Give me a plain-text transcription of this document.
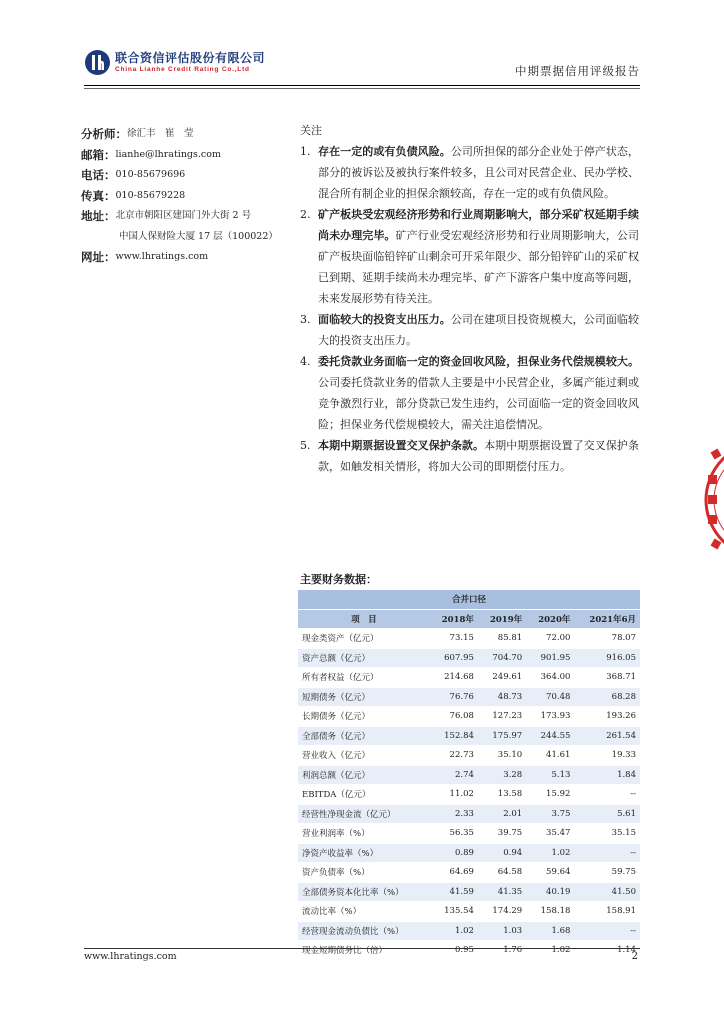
联合资信评估股份有限公司
China Lianhe Credit Rating Co.,Ltd	中期票据信用评级报告
分析师： 徐汇丰　崔　莹
邮箱： lianhe@lhratings.com
电话： 010-85679696
传真： 010-85679228
地址： 北京市朝阳区建国门外大街 2 号
中国人保财险大厦 17 层（100022）
网址： www.lhratings.com
关注
1. 存在一定的或有负债风险。公司所担保的部分企业处于停产状态，部分的被诉讼及被执行案件较多，且公司对民营企业、民办学校、混合所有制企业的担保余额较高，存在一定的或有负债风险。
2. 矿产板块受宏观经济形势和行业周期影响大，部分采矿权延期手续尚未办理完毕。矿产行业受宏观经济形势和行业周期影响大，公司矿产板块面临铅锌矿山剩余可开采年限少、部分铅锌矿山的采矿权已到期、延期手续尚未办理完毕、矿产下游客户集中度高等问题，未来发展形势有待关注。
3. 面临较大的投资支出压力。公司在建项目投资规模大，公司面临较大的投资支出压力。
4. 委托贷款业务面临一定的资金回收风险，担保业务代偿规模较大。公司委托贷款业务的借款人主要是中小民营企业，多属产能过剩或竞争激烈行业，部分贷款已发生违约，公司面临一定的资金回收风险；担保业务代偿规模较大，需关注追偿情况。
5. 本期中期票据设置交叉保护条款。本期中期票据设置了交叉保护条款，如触发相关情形，将加大公司的即期偿付压力。
主要财务数据：
合并口径				
项　目	2018年	2019年	2020年	2021年6月
现金类资产（亿元）	73.15	85.81	72.00	78.07
资产总额（亿元）	607.95	704.70	901.95	916.05
所有者权益（亿元）	214.68	249.61	364.00	368.71
短期债务（亿元）	76.76	48.73	70.48	68.28
长期债务（亿元）	76.08	127.23	173.93	193.26
全部债务（亿元）	152.84	175.97	244.55	261.54
营业收入（亿元）	22.73	35.10	41.61	19.33
利润总额（亿元）	2.74	3.28	5.13	1.84
EBITDA（亿元）	11.02	13.58	15.92	--
经营性净现金流（亿元）	2.33	2.01	3.75	5.61
营业利润率（%）	56.35	39.75	35.47	35.15
净资产收益率（%）	0.89	0.94	1.02	--
资产负债率（%）	64.69	64.58	59.64	59.75
全部债务资本化比率（%）	41.59	41.35	40.19	41.50
流动比率（%）	135.54	174.29	158.18	158.91
经营现金流动负债比（%）	1.02	1.03	1.68	--
现金短期债务比（倍）	0.95	1.76	1.02	1.14
www.lhratings.com	2
